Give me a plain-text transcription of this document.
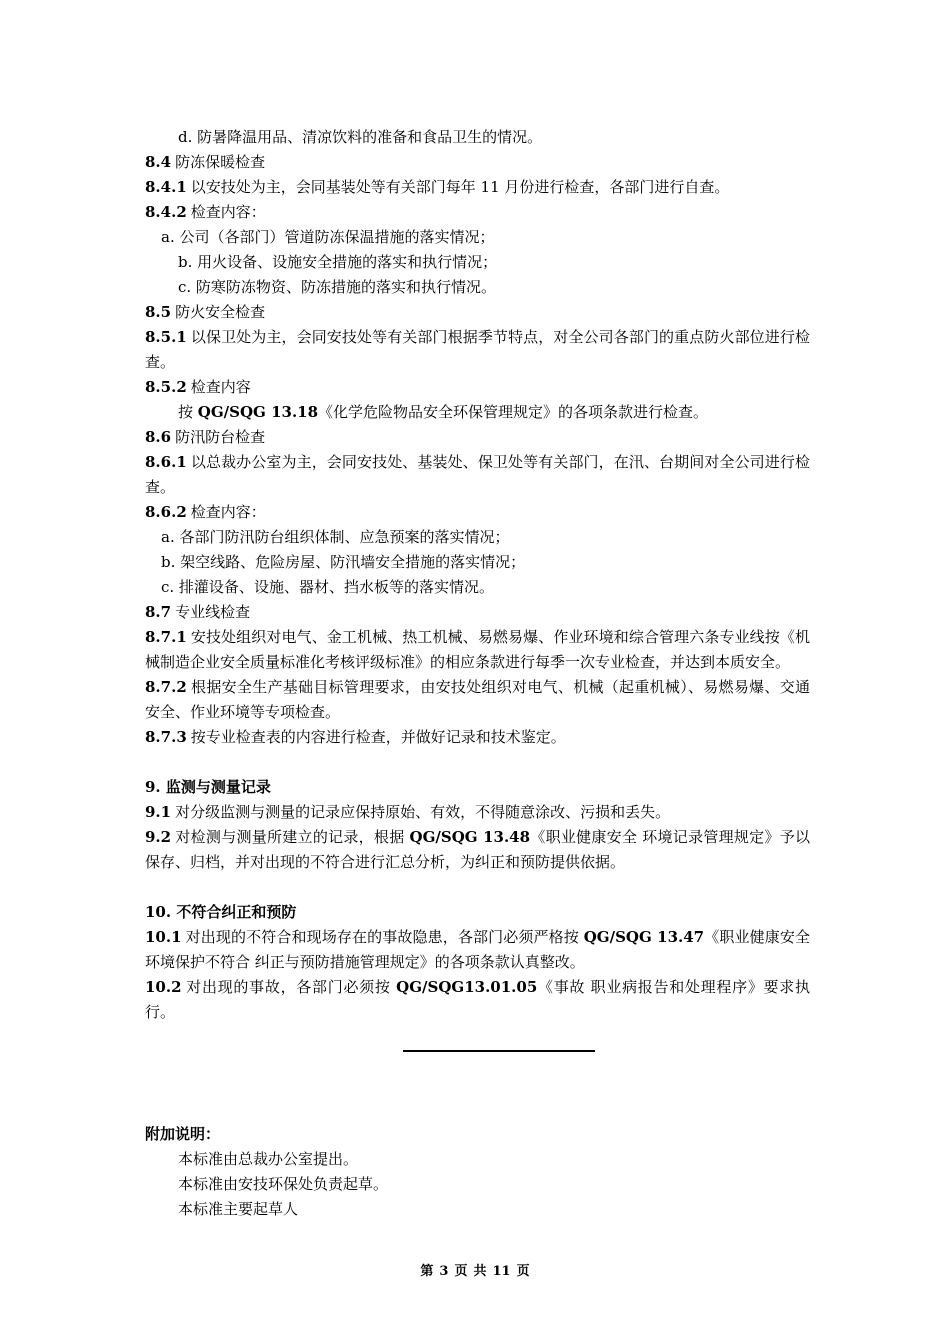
d. 防暑降温用品、清凉饮料的准备和食品卫生的情况。

8.4 防冻保暖检查

8.4.1 以安技处为主，会同基装处等有关部门每年 11 月份进行检查，各部门进行自查。

8.4.2 检查内容：

a. 公司（各部门）管道防冻保温措施的落实情况；

b. 用火设备、设施安全措施的落实和执行情况；

c. 防寒防冻物资、防冻措施的落实和执行情况。

8.5 防火安全检查

8.5.1 以保卫处为主，会同安技处等有关部门根据季节特点，对全公司各部门的重点防火部位进行检查。

8.5.2 检查内容

按 QG/SQG 13.18《化学危险物品安全环保管理规定》的各项条款进行检查。

8.6 防汛防台检查

8.6.1 以总裁办公室为主，会同安技处、基装处、保卫处等有关部门，在汛、台期间对全公司进行检查。

8.6.2 检查内容：

a. 各部门防汛防台组织体制、应急预案的落实情况；

b. 架空线路、危险房屋、防汛墙安全措施的落实情况；

c. 排灌设备、设施、器材、挡水板等的落实情况。

8.7 专业线检查

8.7.1 安技处组织对电气、金工机械、热工机械、易燃易爆、作业环境和综合管理六条专业线按《机械制造企业安全质量标准化考核评级标准》的相应条款进行每季一次专业检查，并达到本质安全。

8.7.2 根据安全生产基础目标管理要求，由安技处组织对电气、机械（起重机械）、易燃易爆、交通安全、作业环境等专项检查。

8.7.3 按专业检查表的内容进行检查，并做好记录和技术鉴定。

9. 监测与测量记录

9.1 对分级监测与测量的记录应保持原始、有效，不得随意涂改、污损和丢失。

9.2 对检测与测量所建立的记录，根据 QG/SQG 13.48《职业健康安全 环境记录管理规定》予以保存、归档，并对出现的不符合进行汇总分析，为纠正和预防提供依据。

10. 不符合纠正和预防

10.1 对出现的不符合和现场存在的事故隐患，各部门必须严格按 QG/SQG 13.47《职业健康安全 环境保护不符合 纠正与预防措施管理规定》的各项条款认真整改。

10.2 对出现的事故，各部门必须按 QG/SQG13.01.05《事故 职业病报告和处理程序》要求执行。

附加说明：

本标准由总裁办公室提出。

本标准由安技环保处负责起草。

本标准主要起草人

第 3 页 共 11 页
